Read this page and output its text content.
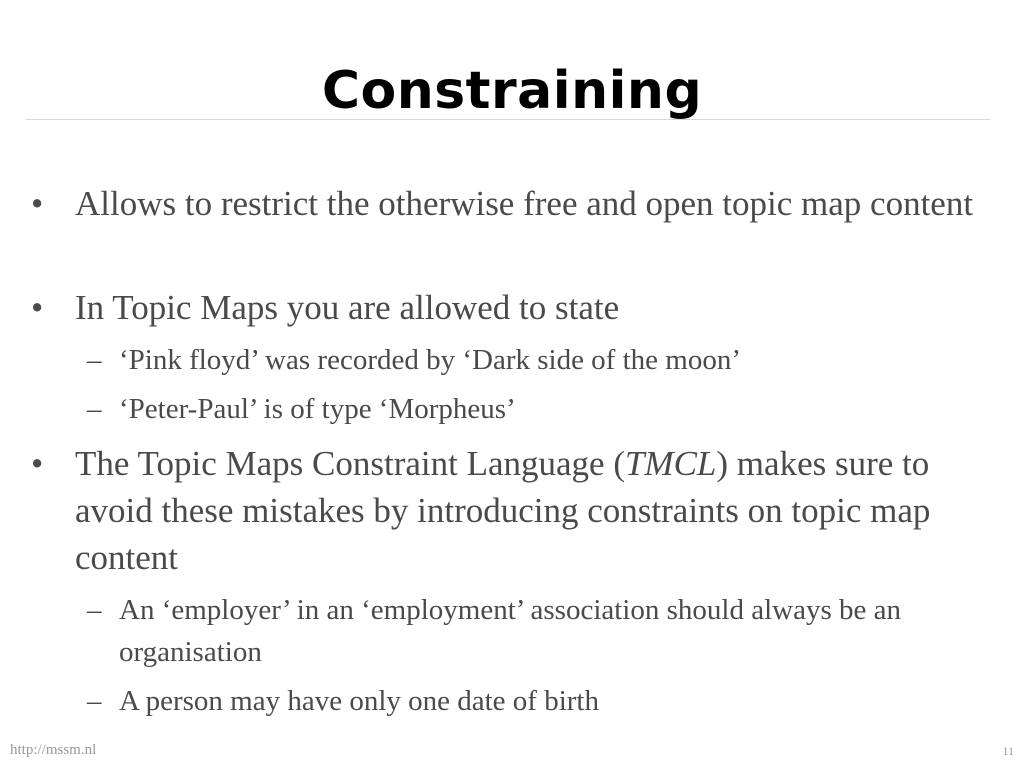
Constraining
• Allows to restrict the otherwise free and open topic map content
• In Topic Maps you are allowed to state
– ‘Pink floyd’ was recorded by ‘Dark side of the moon’
– ‘Peter-Paul’ is of type ‘Morpheus’
• The Topic Maps Constraint Language (TMCL) makes sure to avoid these mistakes by introducing constraints on topic map content
– An ‘employer’ in an ‘employment’ association should always be an organisation
– A person may have only one date of birth
http://mssm.nl	11
